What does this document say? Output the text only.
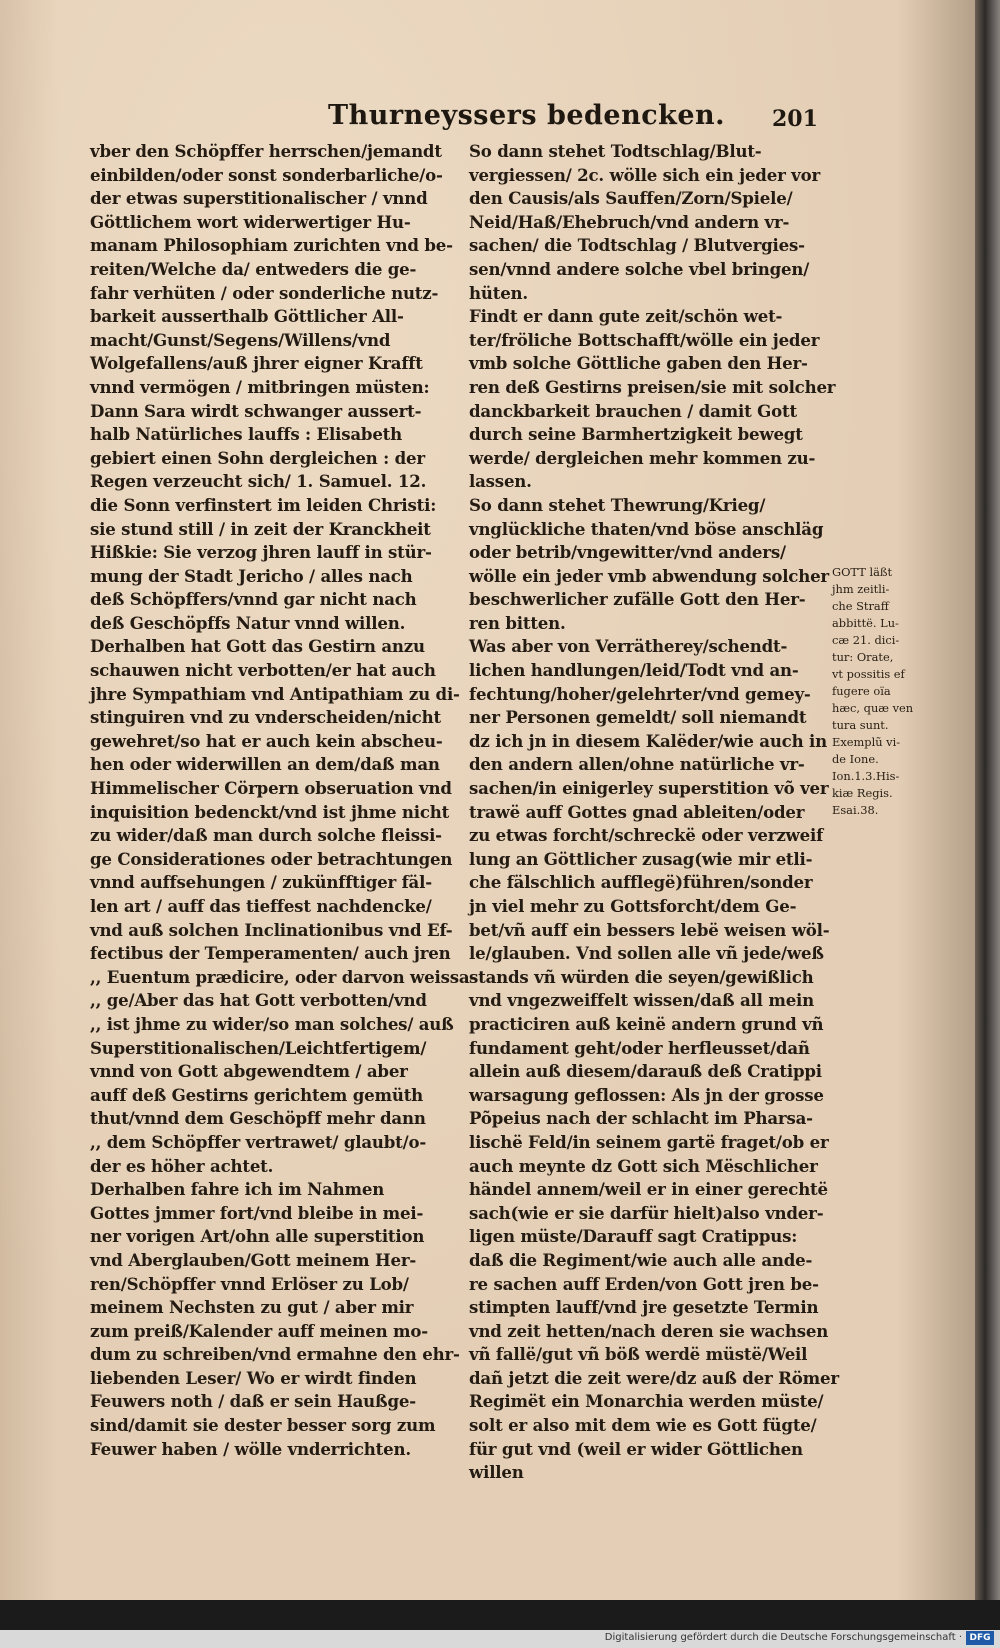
Thurneyssers bedencken. 201
vber den Schöpffer herrschen/jemandt
einbilden/oder sonst sonderbarliche/o-
der etwas superstitionalischer / vnnd
Göttlichem wort widerwertiger Hu-
manam Philosophiam zurichten vnd be-
reiten/Welche da/ entweders die ge-
fahr verhüten / oder sonderliche nutz-
barkeit ausserthalb Göttlicher All-
macht/Gunst/Segens/Willens/vnd
Wolgefallens/auß jhrer eigner Krafft
vnnd vermögen / mitbringen müsten:
Dann Sara wirdt schwanger aussert-
halb Natürliches lauffs : Elisabeth
gebiert einen Sohn dergleichen : der
Regen verzeucht sich/ 1. Samuel. 12.
die Sonn verfinstert im leiden Christi:
sie stund still / in zeit der Kranckheit
Hißkie: Sie verzog jhren lauff in stür-
mung der Stadt Jericho / alles nach
deß Schöpffers/vnnd gar nicht nach
deß Geschöpffs Natur vnnd willen.
Derhalben hat Gott das Gestirn anzu
schauwen nicht verbotten/er hat auch
jhre Sympathiam vnd Antipathiam zu di-
stinguiren vnd zu vnderscheiden/nicht
gewehret/so hat er auch kein abscheu-
hen oder widerwillen an dem/daß man
Himmelischer Cörpern obseruation vnd
inquisition bedenckt/vnd ist jhme nicht
zu wider/daß man durch solche fleissi-
ge Considerationes oder betrachtungen
vnnd auffsehungen / zukünfftiger fäl-
len art / auff das tieffest nachdencke/
vnd auß solchen Inclinationibus vnd Ef-
fectibus der Temperamenten/ auch jren
,, Euentum prædicire, oder darvon weissa-
,, ge/Aber das hat Gott verbotten/vnd
,, ist jhme zu wider/so man solches/ auß
Superstitionalischen/Leichtfertigem/
vnnd von Gott abgewendtem / aber
auff deß Gestirns gerichtem gemüth
thut/vnnd dem Geschöpff mehr dann
,, dem Schöpffer vertrawet/ glaubt/o-
der es höher achtet.
Derhalben fahre ich im Nahmen
Gottes jmmer fort/vnd bleibe in mei-
ner vorigen Art/ohn alle superstition
vnd Aberglauben/Gott meinem Her-
ren/Schöpffer vnnd Erlöser zu Lob/
meinem Nechsten zu gut / aber mir
zum preiß/Kalender auff meinen mo-
dum zu schreiben/vnd ermahne den ehr-
liebenden Leser/ Wo er wirdt finden
Feuwers noth / daß er sein Haußge-
sind/damit sie dester besser sorg zum
Feuwer haben / wölle vnderrichten.
So dann stehet Todtschlag/Blut-
vergiessen/ 2c. wölle sich ein jeder vor
den Causis/als Sauffen/Zorn/Spiele/
Neid/Haß/Ehebruch/vnd andern vr-
sachen/ die Todtschlag / Blutvergies-
sen/vnnd andere solche vbel bringen/
hüten.
Findt er dann gute zeit/schön wet-
ter/fröliche Bottschafft/wölle ein jeder
vmb solche Göttliche gaben den Her-
ren deß Gestirns preisen/sie mit solcher
danckbarkeit brauchen / damit Gott
durch seine Barmhertzigkeit bewegt
werde/ dergleichen mehr kommen zu-
lassen.
So dann stehet Thewrung/Krieg/
vnglückliche thaten/vnd böse anschläg
oder betrib/vngewitter/vnd anders/
wölle ein jeder vmb abwendung solcher
beschwerlicher zufälle Gott den Her-
ren bitten.
Was aber von Verrätherey/schendt-
lichen handlungen/leid/Todt vnd an-
fechtung/hoher/gelehrter/vnd gemey-
ner Personen gemeldt/ soll niemandt
dz ich jn in diesem Kalëder/wie auch in
den andern allen/ohne natürliche vr-
sachen/in einigerley superstition võ ver
trawë auff Gottes gnad ableiten/oder
zu etwas forcht/schreckë oder verzweif
lung an Göttlicher zusag(wie mir etli-
che fälschlich aufflegë)führen/sonder
jn viel mehr zu Gottsforcht/dem Ge-
bet/vñ auff ein bessers lebë weisen wöl-
le/glauben. Vnd sollen alle vñ jede/weß
stands vñ würden die seyen/gewißlich
vnd vngezweiffelt wissen/daß all mein
practiciren auß keinë andern grund vñ
fundament geht/oder herfleusset/dañ
allein auß diesem/darauß deß Cratippi
warsagung geflossen: Als jn der grosse
Põpeius nach der schlacht im Pharsa-
lischë Feld/in seinem gartë fraget/ob er
auch meynte dz Gott sich Mëschlicher
händel annem/weil er in einer gerechtë
sach(wie er sie darfür hielt)also vnder-
ligen müste/Darauff sagt Cratippus:
daß die Regiment/wie auch alle ande-
re sachen auff Erden/von Gott jren be-
stimpten lauff/vnd jre gesetzte Termin
vnd zeit hetten/nach deren sie wachsen
vñ fallë/gut vñ böß werdë müstë/Weil
dañ jetzt die zeit were/dz auß der Römer
Regimët ein Monarchia werden müste/
solt er also mit dem wie es Gott fügte/
für gut vnd (weil er wider Göttlichen
willen
GOTT läßt
jhm zeitli-
che Straff
abbittë. Lu-
cæ 21. dici-
tur: Orate,
vt possitis ef
fugere oïa
hæc, quæ ven
tura sunt.
Exemplũ vi-
de Ione.
Ion.1.3.His-
kiæ Regis.
Esai.38.
Digitalisierung gefördert durch die Deutsche Forschungsgemeinschaft · DFG
